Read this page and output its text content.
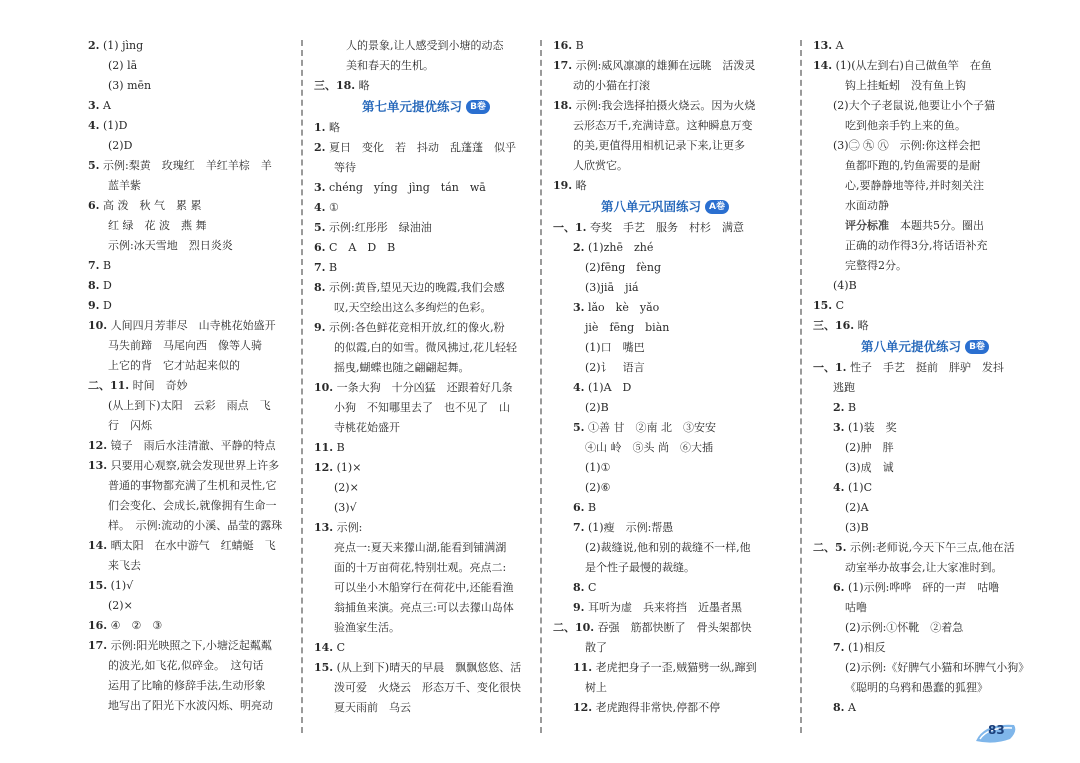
2. (1) jìng
(2) lā
(3) mēn
3. A
4. (1)D
(2)D
5. 示例:梨黄　玫瑰红　羊红羊棕　羊
蓝羊紫
6. 高 泼　秋 气　累 累
红 绿　花 波　燕 舞
示例:冰天雪地　烈日炎炎
7. B
8. D
9. D
10. 人间四月芳菲尽　山寺桃花始盛开
马失前蹄　马尾向西　像等人骑
上它的背　它才站起来似的
二、11. 时间　奇妙
(从上到下)太阳　云彩　雨点　飞
行　闪烁
12. 镜子　雨后水洼清澈、平静的特点
13. 只要用心观察,就会发现世界上许多
普通的事物都充满了生机和灵性,它
们会变化、会成长,就像拥有生命一
样。　示例:流动的小溪、晶莹的露珠
14. 晒太阳　在水中游气　红蜻蜓　飞
来飞去
15. (1)√
(2)×
16. ④　②　③
17. 示例:阳光映照之下,小塘泛起粼粼
的波光,如飞花,似碎金。　这句话
运用了比喻的修辞手法,生动形象
地写出了阳光下水波闪烁、明亮动
人的景象,让人感受到小塘的动态
美和春天的生机。
三、18. 略
第七单元提优练习 B卷
1. 略
2. 夏日　变化　若　抖动　乱蓬蓬　似乎
等待
3. chéng　yíng　jìng　tán　wā
4. ①
5. 示例:红彤彤　绿油油
6. C　A　D　B
7. B
8. 示例:黄昏,望见天边的晚霞,我们会感
叹,天空绘出这么多绚烂的色彩。
9. 示例:各色鲜花竞相开放,红的像火,粉
的似霞,白的如雪。微风拂过,花儿轻轻
摇曳,蝴蝶也随之翩翩起舞。
10. 一条大狗　十分凶猛　还跟着好几条
小狗　不知哪里去了　也不见了　山
寺桃花始盛开
11. B
12. (1)×
(2)×
(3)√
13. 示例:
亮点一:夏天来獴山湖,能看到铺满湖
面的十万亩荷花,特别壮观。亮点二:
可以坐小木船穿行在荷花中,还能看渔
翁捕鱼来演。亮点三:可以去獴山岛体
验渔家生活。
14. C
15. (从上到下)晴天的早晨　飘飘悠悠、活
泼可爱　火烧云　形态万千、变化很快
夏天雨前　乌云
16. B
17. 示例:威风凛凛的雄狮在远眺　活泼灵
动的小猫在打滚
18. 示例:我会选择拍摄火烧云。因为火烧
云形态万千,充满诗意。这种瞬息万变
的美,更值得用相机记录下来,让更多
人欣赏它。
19. 略
第八单元巩固练习 A卷
一、1. 夸奖　手艺　服务　村杉　满意
2. (1)zhē　zhé
(2)fēng　fèng
(3)jiā　jiá
3. lǎo　kè　yǎo
jiè　fēng　biàn
(1)口　嘴巴
(2)讠　语言
4. (1)A　D
(2)B
5. ①善 甘　②南 北　③安安
④山 岭　⑤头 尚　⑥大插
(1)①
(2)⑥
6. B
7. (1)瘦　示例:帮愚
(2)裁缝说,他和别的裁缝不一样,他
是个性子最慢的裁缝。
8. C
9. 耳听为虚　兵来将挡　近墨者黑
二、10. 吞强　筋都快断了　骨头架都快
散了
11. 老虎把身子一歪,贼猫劈一纵,蹿到
树上
12. 老虎跑得非常快,停都不停
13. A
14. (1)(从左到右)自己做鱼竿　在鱼
钩上挂蚯蚓　没有鱼上钩
(2)大个子老鼠说,他要让小个子猫
吃到他亲手钓上来的鱼。
(3)㊁ ㊈ ㊇　示例:你这样会把
鱼都吓跑的,钓鱼需要的是耐
心,要静静地等待,并时刻关注
水面动静
评分标准　 本题共5分。圈出
正确的动作得3分,将话语补充
完整得2分。
(4)B
15. C
三、16. 略
第八单元提优练习 B卷
一、1. 性子　手艺　挺前　胖驴　发抖
逃跑
2. B
3. (1)装　奖
(2)肿　胖
(3)成　诚
4. (1)C
(2)A
(3)B
二、5. 示例:老师说,今天下午三点,他在活
动室举办故事会,让大家准时到。
6. (1)示例:哗哗　砰的一声　咕噜
咕噜
(2)示例:①怀靴　②着急
7. (1)相反
(2)示例:《好脾气小猫和坏脾气小狗》
《聪明的乌鸦和愚蠢的狐狸》
8. A
83
